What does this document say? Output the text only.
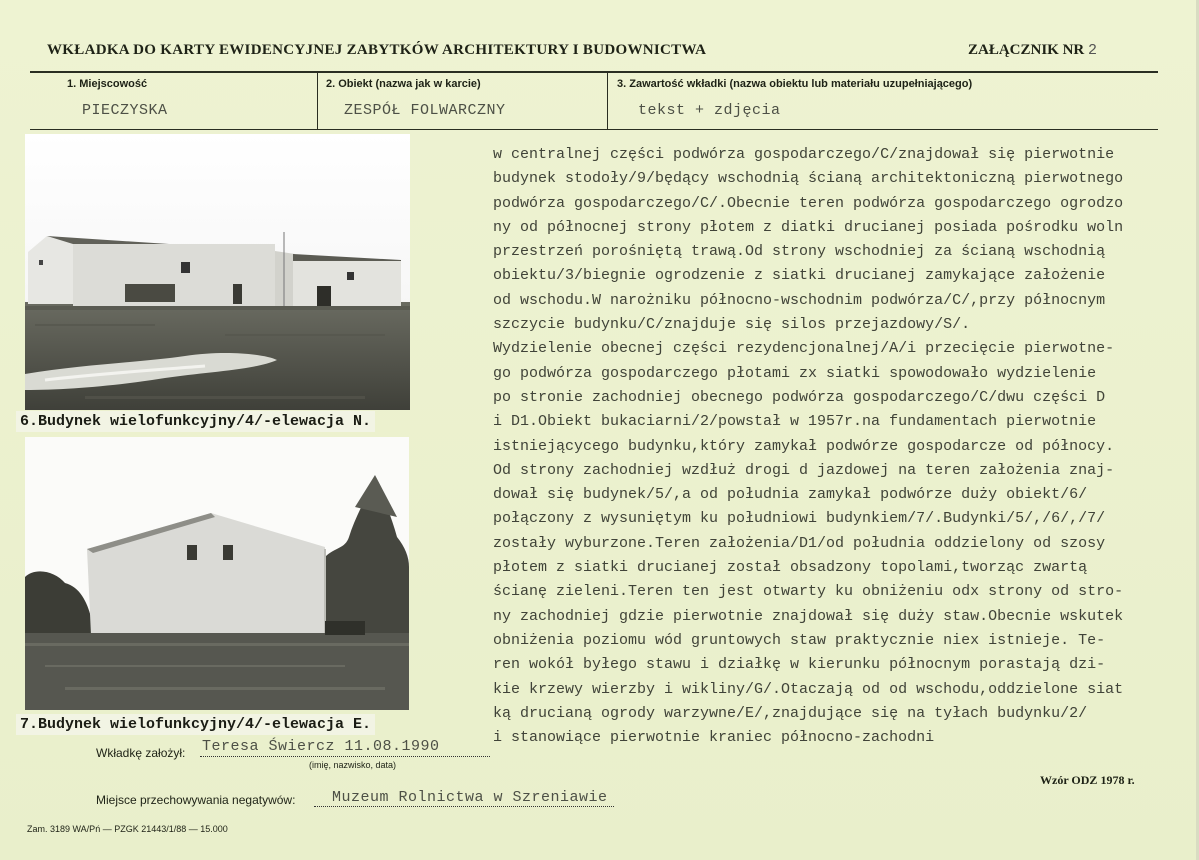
WKŁADKA DO KARTY EWIDENCYJNEJ ZABYTKÓW ARCHITEKTURY I BUDOWNICTWA	ZAŁĄCZNIK NR 2
1. Miejscowość
PIECZYSKA
2. Obiekt (nazwa jak w karcie)
ZESPÓŁ FOLWARCZNY
3. Zawartość wkładki (nazwa obiektu lub materiału uzupełniającego)
tekst + zdjęcia
6.Budynek wielofunkcyjny/4/-elewacja N.
7.Budynek wielofunkcyjny/4/-elewacja E.
w centralnej części podwórza gospodarczego/C/znajdował się pierwotnie
budynek stodoły/9/będący wschodnią ścianą architektoniczną pierwotnego
podwórza gospodarczego/C/.Obecnie teren podwórza gospodarczego ogrodzo
ny od północnej strony płotem z diatki drucianej posiada pośrodku woln
przestrzeń porośniętą trawą.Od strony wschodniej za ścianą wschodnią
obiektu/3/biegnie ogrodzenie z siatki drucianej zamykające założenie
od wschodu.W narożniku północno-wschodnim podwórza/C/,przy północnym
szczycie budynku/C/znajduje się silos przejazdowy/S/.
Wydzielenie obecnej części rezydencjonalnej/A/i przecięcie pierwotne-
go podwórza gospodarczego płotami zx siatki spowodowało wydzielenie
po stronie zachodniej obecnego podwórza gospodarczego/C/dwu części D
i D1.Obiekt bukaciarni/2/powstał w 1957r.na fundamentach pierwotnie
istniejącycego budynku,który zamykał podwórze gospodarcze od północy.
Od strony zachodniej wzdłuż drogi d jazdowej na teren założenia znaj-
dował się budynek/5/,a od południa zamykał podwórze duży obiekt/6/
połączony z wysuniętym ku południowi budynkiem/7/.Budynki/5/,/6/,/7/
zostały wyburzone.Teren założenia/D1/od południa oddzielony od szosy
płotem z siatki drucianej został obsadzony topolami,tworząc zwartą
ścianę zieleni.Teren ten jest otwarty ku obniżeniu odx strony od stro-
ny zachodniej gdzie pierwotnie znajdował się duży staw.Obecnie wskutek
obniżenia poziomu wód gruntowych staw praktycznie niex istnieje. Te-
ren wokół byłego stawu i działkę w kierunku północnym porastają dzi-
kie krzewy wierzby i wikliny/G/.Otaczają od od wschodu,oddzielone siat
ką drucianą ogrody warzywne/E/,znajdujące się na tyłach budynku/2/
i stanowiące pierwotnie kraniec północno-zachodni
Wkładkę założył: Teresa Świercz 11.08.1990
(imię, nazwisko, data)
Wzór ODZ 1978 r.
Miejsce przechowywania negatywów: Muzeum Rolnictwa w Szreniawie
Zam. 3189 WA/Pń — PZGK 21443/1/88 — 15.000
